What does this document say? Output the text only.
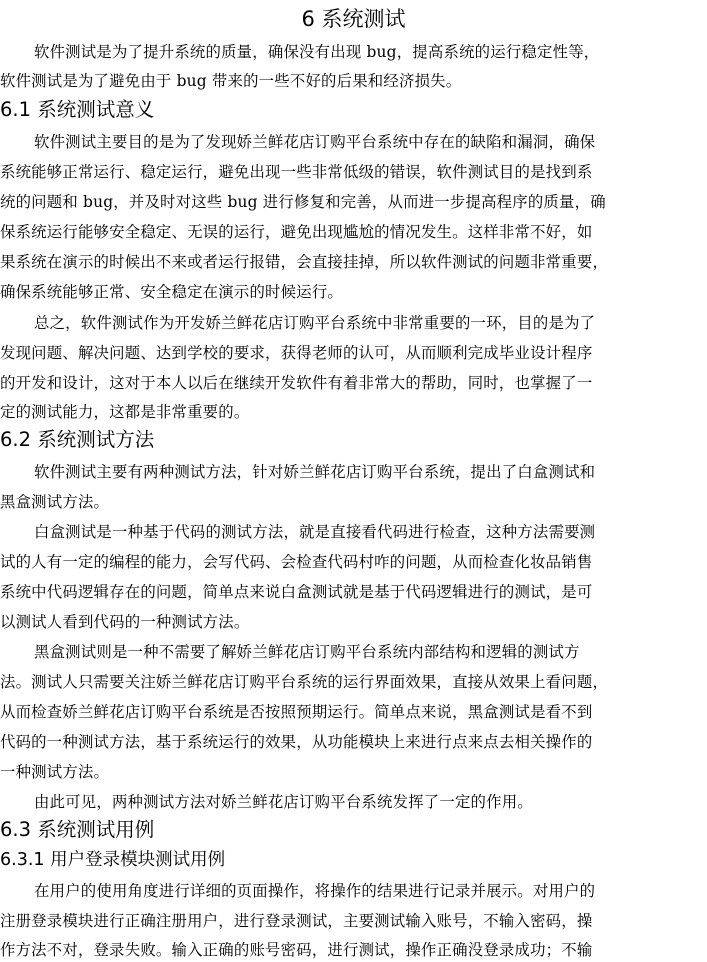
6 系统测试
软件测试是为了提升系统的质量，确保没有出现 bug，提高系统的运行稳定性等，
软件测试是为了避免由于 bug 带来的一些不好的后果和经济损失。
6.1 系统测试意义
软件测试主要目的是为了发现娇兰鲜花店订购平台系统中存在的缺陷和漏洞，确保
系统能够正常运行、稳定运行，避免出现一些非常低级的错误，软件测试目的是找到系
统的问题和 bug，并及时对这些 bug 进行修复和完善，从而进一步提高程序的质量，确
保系统运行能够安全稳定、无误的运行，避免出现尴尬的情况发生。这样非常不好，如
果系统在演示的时候出不来或者运行报错，会直接挂掉，所以软件测试的问题非常重要，
确保系统能够正常、安全稳定在演示的时候运行。
总之，软件测试作为开发娇兰鲜花店订购平台系统中非常重要的一环，目的是为了
发现问题、解决问题、达到学校的要求，获得老师的认可，从而顺利完成毕业设计程序
的开发和设计，这对于本人以后在继续开发软件有着非常大的帮助，同时，也掌握了一
定的测试能力，这都是非常重要的。
6.2 系统测试方法
软件测试主要有两种测试方法，针对娇兰鲜花店订购平台系统，提出了白盒测试和
黑盒测试方法。
白盒测试是一种基于代码的测试方法，就是直接看代码进行检查，这种方法需要测
试的人有一定的编程的能力，会写代码、会检查代码村咋的问题，从而检查化妆品销售
系统中代码逻辑存在的问题，简单点来说白盒测试就是基于代码逻辑进行的测试，是可
以测试人看到代码的一种测试方法。
黑盒测试则是一种不需要了解娇兰鲜花店订购平台系统内部结构和逻辑的测试方
法。测试人只需要关注娇兰鲜花店订购平台系统的运行界面效果，直接从效果上看问题，
从而检查娇兰鲜花店订购平台系统是否按照预期运行。简单点来说，黑盒测试是看不到
代码的一种测试方法，基于系统运行的效果，从功能模块上来进行点来点去相关操作的
一种测试方法。
由此可见，两种测试方法对娇兰鲜花店订购平台系统发挥了一定的作用。
6.3 系统测试用例
6.3.1 用户登录模块测试用例
在用户的使用角度进行详细的页面操作，将操作的结果进行记录并展示。对用户的
注册登录模块进行正确注册用户，进行登录测试，主要测试输入账号，不输入密码，操
作方法不对，登录失败。输入正确的账号密码，进行测试，操作正确没登录成功；不输
